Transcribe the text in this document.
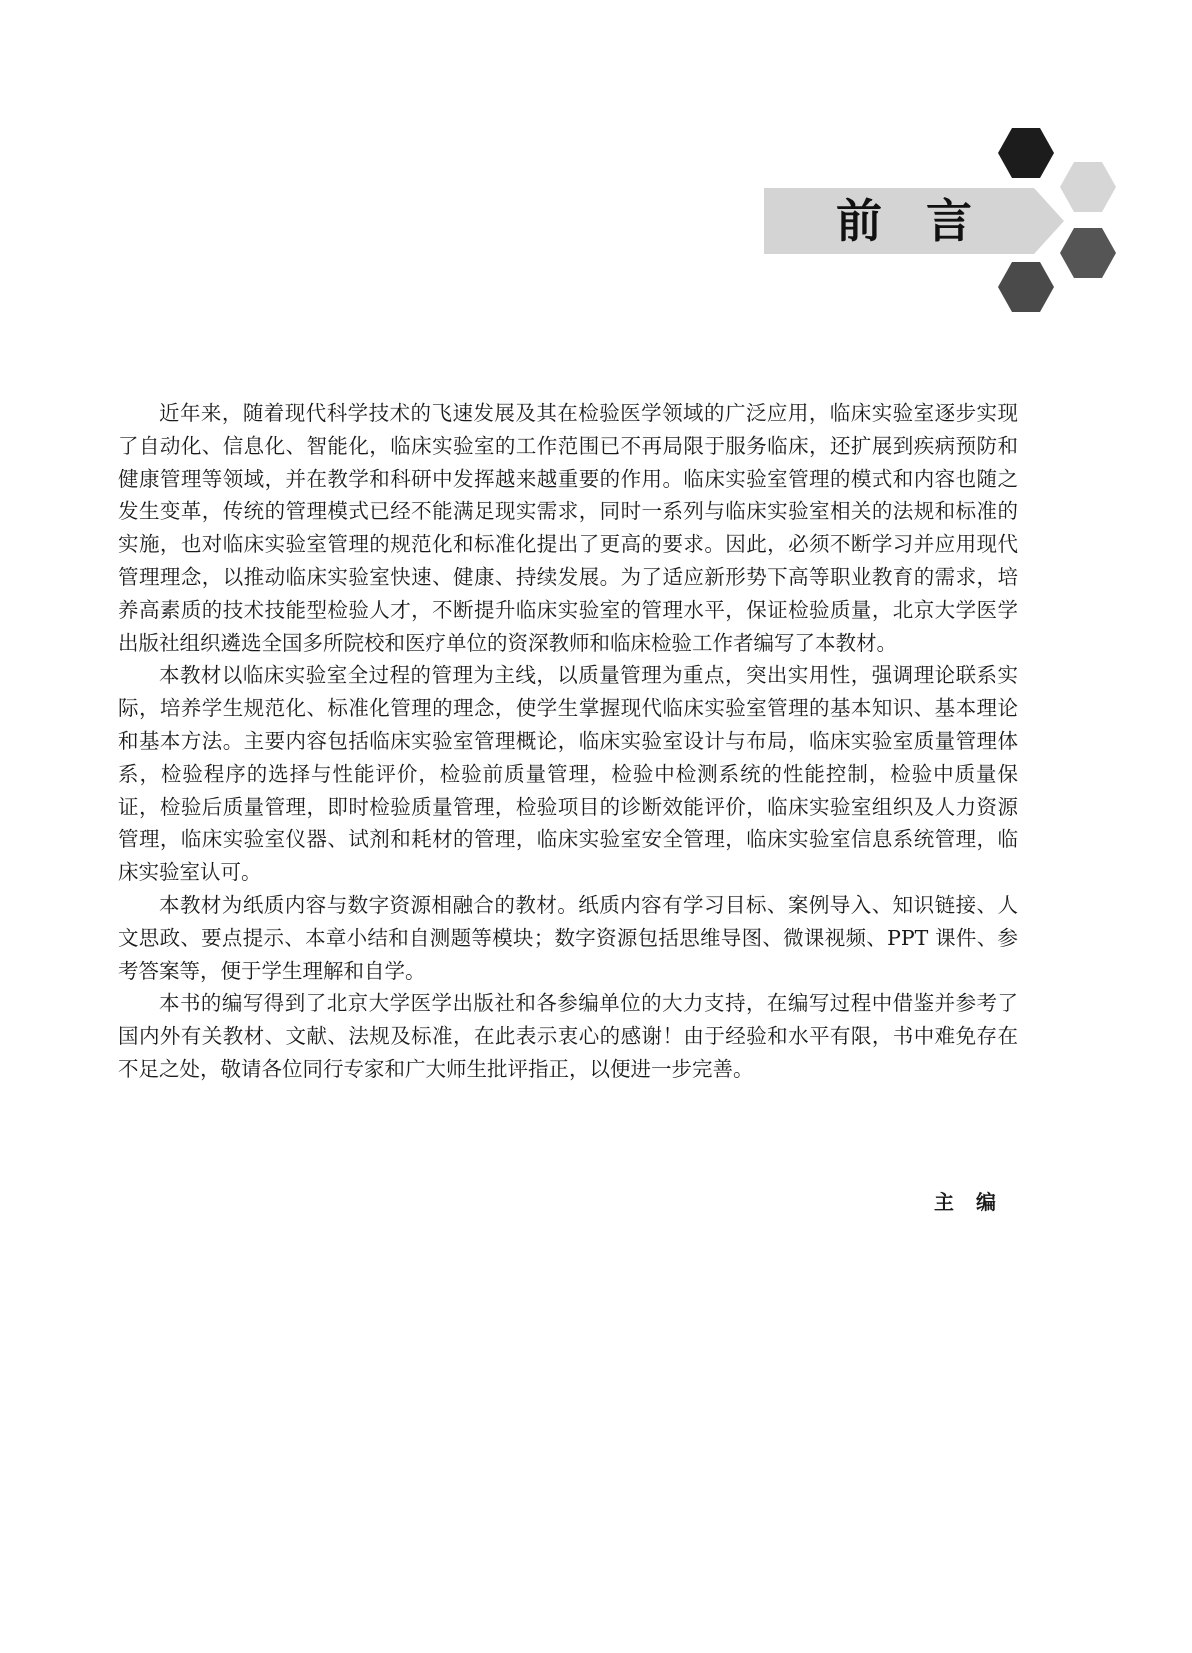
前言

近年来，随着现代科学技术的飞速发展及其在检验医学领域的广泛应用，临床实验室逐步实现了自动化、信息化、智能化，临床实验室的工作范围已不再局限于服务临床，还扩展到疾病预防和健康管理等领域，并在教学和科研中发挥越来越重要的作用。临床实验室管理的模式和内容也随之发生变革，传统的管理模式已经不能满足现实需求，同时一系列与临床实验室相关的法规和标准的实施，也对临床实验室管理的规范化和标准化提出了更高的要求。因此，必须不断学习并应用现代管理理念，以推动临床实验室快速、健康、持续发展。为了适应新形势下高等职业教育的需求，培养高素质的技术技能型检验人才，不断提升临床实验室的管理水平，保证检验质量，北京大学医学出版社组织遴选全国多所院校和医疗单位的资深教师和临床检验工作者编写了本教材。

本教材以临床实验室全过程的管理为主线，以质量管理为重点，突出实用性，强调理论联系实际，培养学生规范化、标准化管理的理念，使学生掌握现代临床实验室管理的基本知识、基本理论和基本方法。主要内容包括临床实验室管理概论，临床实验室设计与布局，临床实验室质量管理体系，检验程序的选择与性能评价，检验前质量管理，检验中检测系统的性能控制，检验中质量保证，检验后质量管理，即时检验质量管理，检验项目的诊断效能评价，临床实验室组织及人力资源管理，临床实验室仪器、试剂和耗材的管理，临床实验室安全管理，临床实验室信息系统管理，临床实验室认可。

本教材为纸质内容与数字资源相融合的教材。纸质内容有学习目标、案例导入、知识链接、人文思政、要点提示、本章小结和自测题等模块；数字资源包括思维导图、微课视频、PPT 课件、参考答案等，便于学生理解和自学。

本书的编写得到了北京大学医学出版社和各参编单位的大力支持，在编写过程中借鉴并参考了国内外有关教材、文献、法规及标准，在此表示衷心的感谢！由于经验和水平有限，书中难免存在不足之处，敬请各位同行专家和广大师生批评指正，以便进一步完善。

主编
